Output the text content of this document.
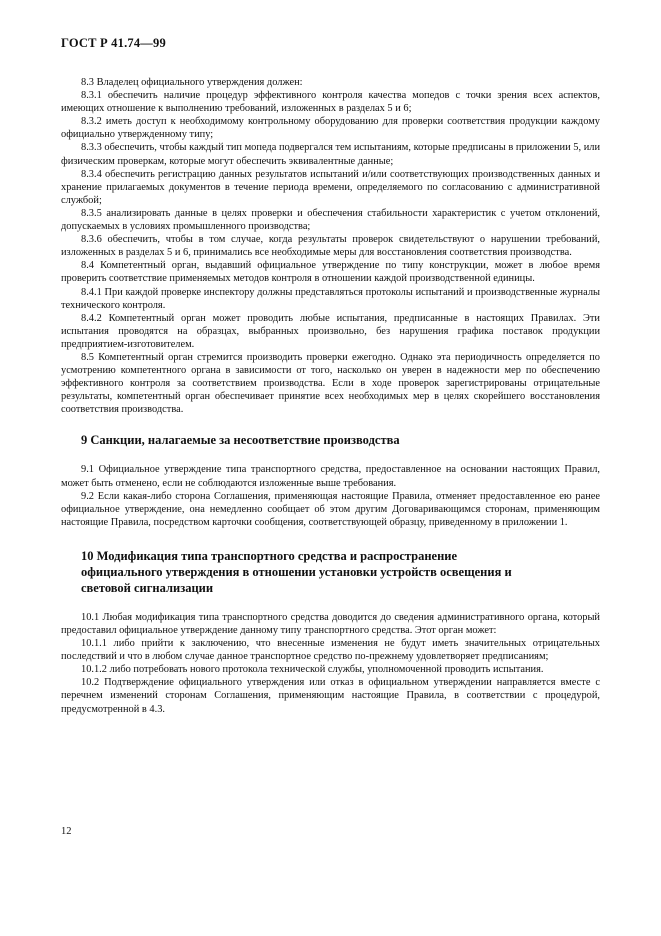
ГОСТ Р 41.74—99

8.3 Владелец официального утверждения должен:

8.3.1 обеспечить наличие процедур эффективного контроля качества мопедов с точки зрения всех аспектов, имеющих отношение к выполнению требований, изложенных в разделах 5 и 6;

8.3.2 иметь доступ к необходимому контрольному оборудованию для проверки соответствия продукции каждому официально утвержденному типу;

8.3.3 обеспечить, чтобы каждый тип мопеда подвергался тем испытаниям, которые предписаны в приложении 5, или физическим проверкам, которые могут обеспечить эквивалентные данные;

8.3.4 обеспечить регистрацию данных результатов испытаний и/или соответствующих производственных данных и хранение прилагаемых документов в течение периода времени, определяемого по согласованию с административной службой;

8.3.5 анализировать данные в целях проверки и обеспечения стабильности характеристик с учетом отклонений, допускаемых в условиях промышленного производства;

8.3.6 обеспечить, чтобы в том случае, когда результаты проверок свидетельствуют о нарушении требований, изложенных в разделах 5 и 6, принимались все необходимые меры для восстановления соответствия производства.

8.4 Компетентный орган, выдавший официальное утверждение по типу конструкции, может в любое время проверить соответствие применяемых методов контроля в отношении каждой производственной единицы.

8.4.1 При каждой проверке инспектору должны представляться протоколы испытаний и производственные журналы технического контроля.

8.4.2 Компетентный орган может проводить любые испытания, предписанные в настоящих Правилах. Эти испытания проводятся на образцах, выбранных произвольно, без нарушения графика поставок продукции предприятием-изготовителем.

8.5 Компетентный орган стремится производить проверки ежегодно. Однако эта периодичность определяется по усмотрению компетентного органа в зависимости от того, насколько он уверен в надежности мер по обеспечению эффективного контроля за соответствием производства. Если в ходе проверок зарегистрированы отрицательные результаты, компетентный орган обеспечивает принятие всех необходимых мер в целях скорейшего восстановления соответствия производства.

9 Санкции, налагаемые за несоответствие производства

9.1 Официальное утверждение типа транспортного средства, предоставленное на основании настоящих Правил, может быть отменено, если не соблюдаются изложенные выше требования.

9.2 Если какая-либо сторона Соглашения, применяющая настоящие Правила, отменяет предоставленное ею ранее официальное утверждение, она немедленно сообщает об этом другим Договаривающимся сторонам, применяющим настоящие Правила, посредством карточки сообщения, соответствующей образцу, приведенному в приложении 1.

10 Модификация типа транспортного средства и распространение официального утверждения в отношении установки устройств освещения и световой сигнализации

10.1 Любая модификация типа транспортного средства доводится до сведения административного органа, который предоставил официальное утверждение данному типу транспортного средства. Этот орган может:

10.1.1 либо прийти к заключению, что внесенные изменения не будут иметь значительных отрицательных последствий и что в любом случае данное транспортное средство по-прежнему удовлетворяет предписаниям;

10.1.2 либо потребовать нового протокола технической службы, уполномоченной проводить испытания.

10.2 Подтверждение официального утверждения или отказ в официальном утверждении направляется вместе с перечнем изменений сторонам Соглашения, применяющим настоящие Правила, в соответствии с процедурой, предусмотренной в 4.3.

12
